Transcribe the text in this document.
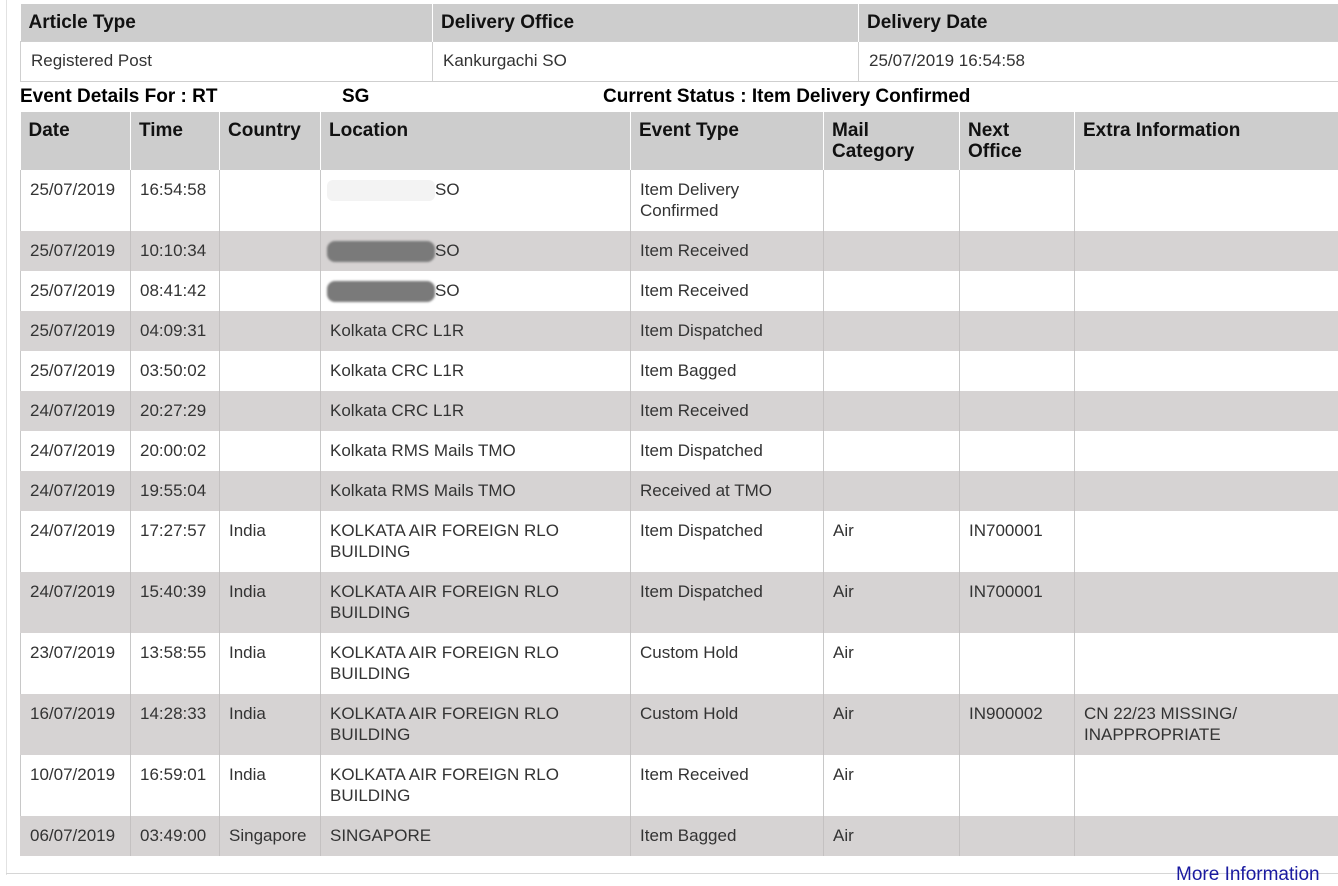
Article Type	Delivery Office	Delivery Date
Registered Post	Kankurgachi SO	25/07/2019 16:54:58
Event Details For : RT	SG	Current Status : Item Delivery Confirmed
Date	Time	Country	Location	Event Type	Mail Category	Next Office	Extra Information
25/07/2019	16:54:58		SO	Item Delivery Confirmed			
25/07/2019	10:10:34		SO	Item Received			
25/07/2019	08:41:42		SO	Item Received			
25/07/2019	04:09:31		Kolkata CRC L1R	Item Dispatched			
25/07/2019	03:50:02		Kolkata CRC L1R	Item Bagged			
24/07/2019	20:27:29		Kolkata CRC L1R	Item Received			
24/07/2019	20:00:02		Kolkata RMS Mails TMO	Item Dispatched			
24/07/2019	19:55:04		Kolkata RMS Mails TMO	Received at TMO			
24/07/2019	17:27:57	India	KOLKATA AIR FOREIGN RLO BUILDING	Item Dispatched	Air	IN700001	
24/07/2019	15:40:39	India	KOLKATA AIR FOREIGN RLO BUILDING	Item Dispatched	Air	IN700001	
23/07/2019	13:58:55	India	KOLKATA AIR FOREIGN RLO BUILDING	Custom Hold	Air		
16/07/2019	14:28:33	India	KOLKATA AIR FOREIGN RLO BUILDING	Custom Hold	Air	IN900002	CN 22/23 MISSING/ INAPPROPRIATE
10/07/2019	16:59:01	India	KOLKATA AIR FOREIGN RLO BUILDING	Item Received	Air		
06/07/2019	03:49:00	Singapore	SINGAPORE	Item Bagged	Air		
More Information
